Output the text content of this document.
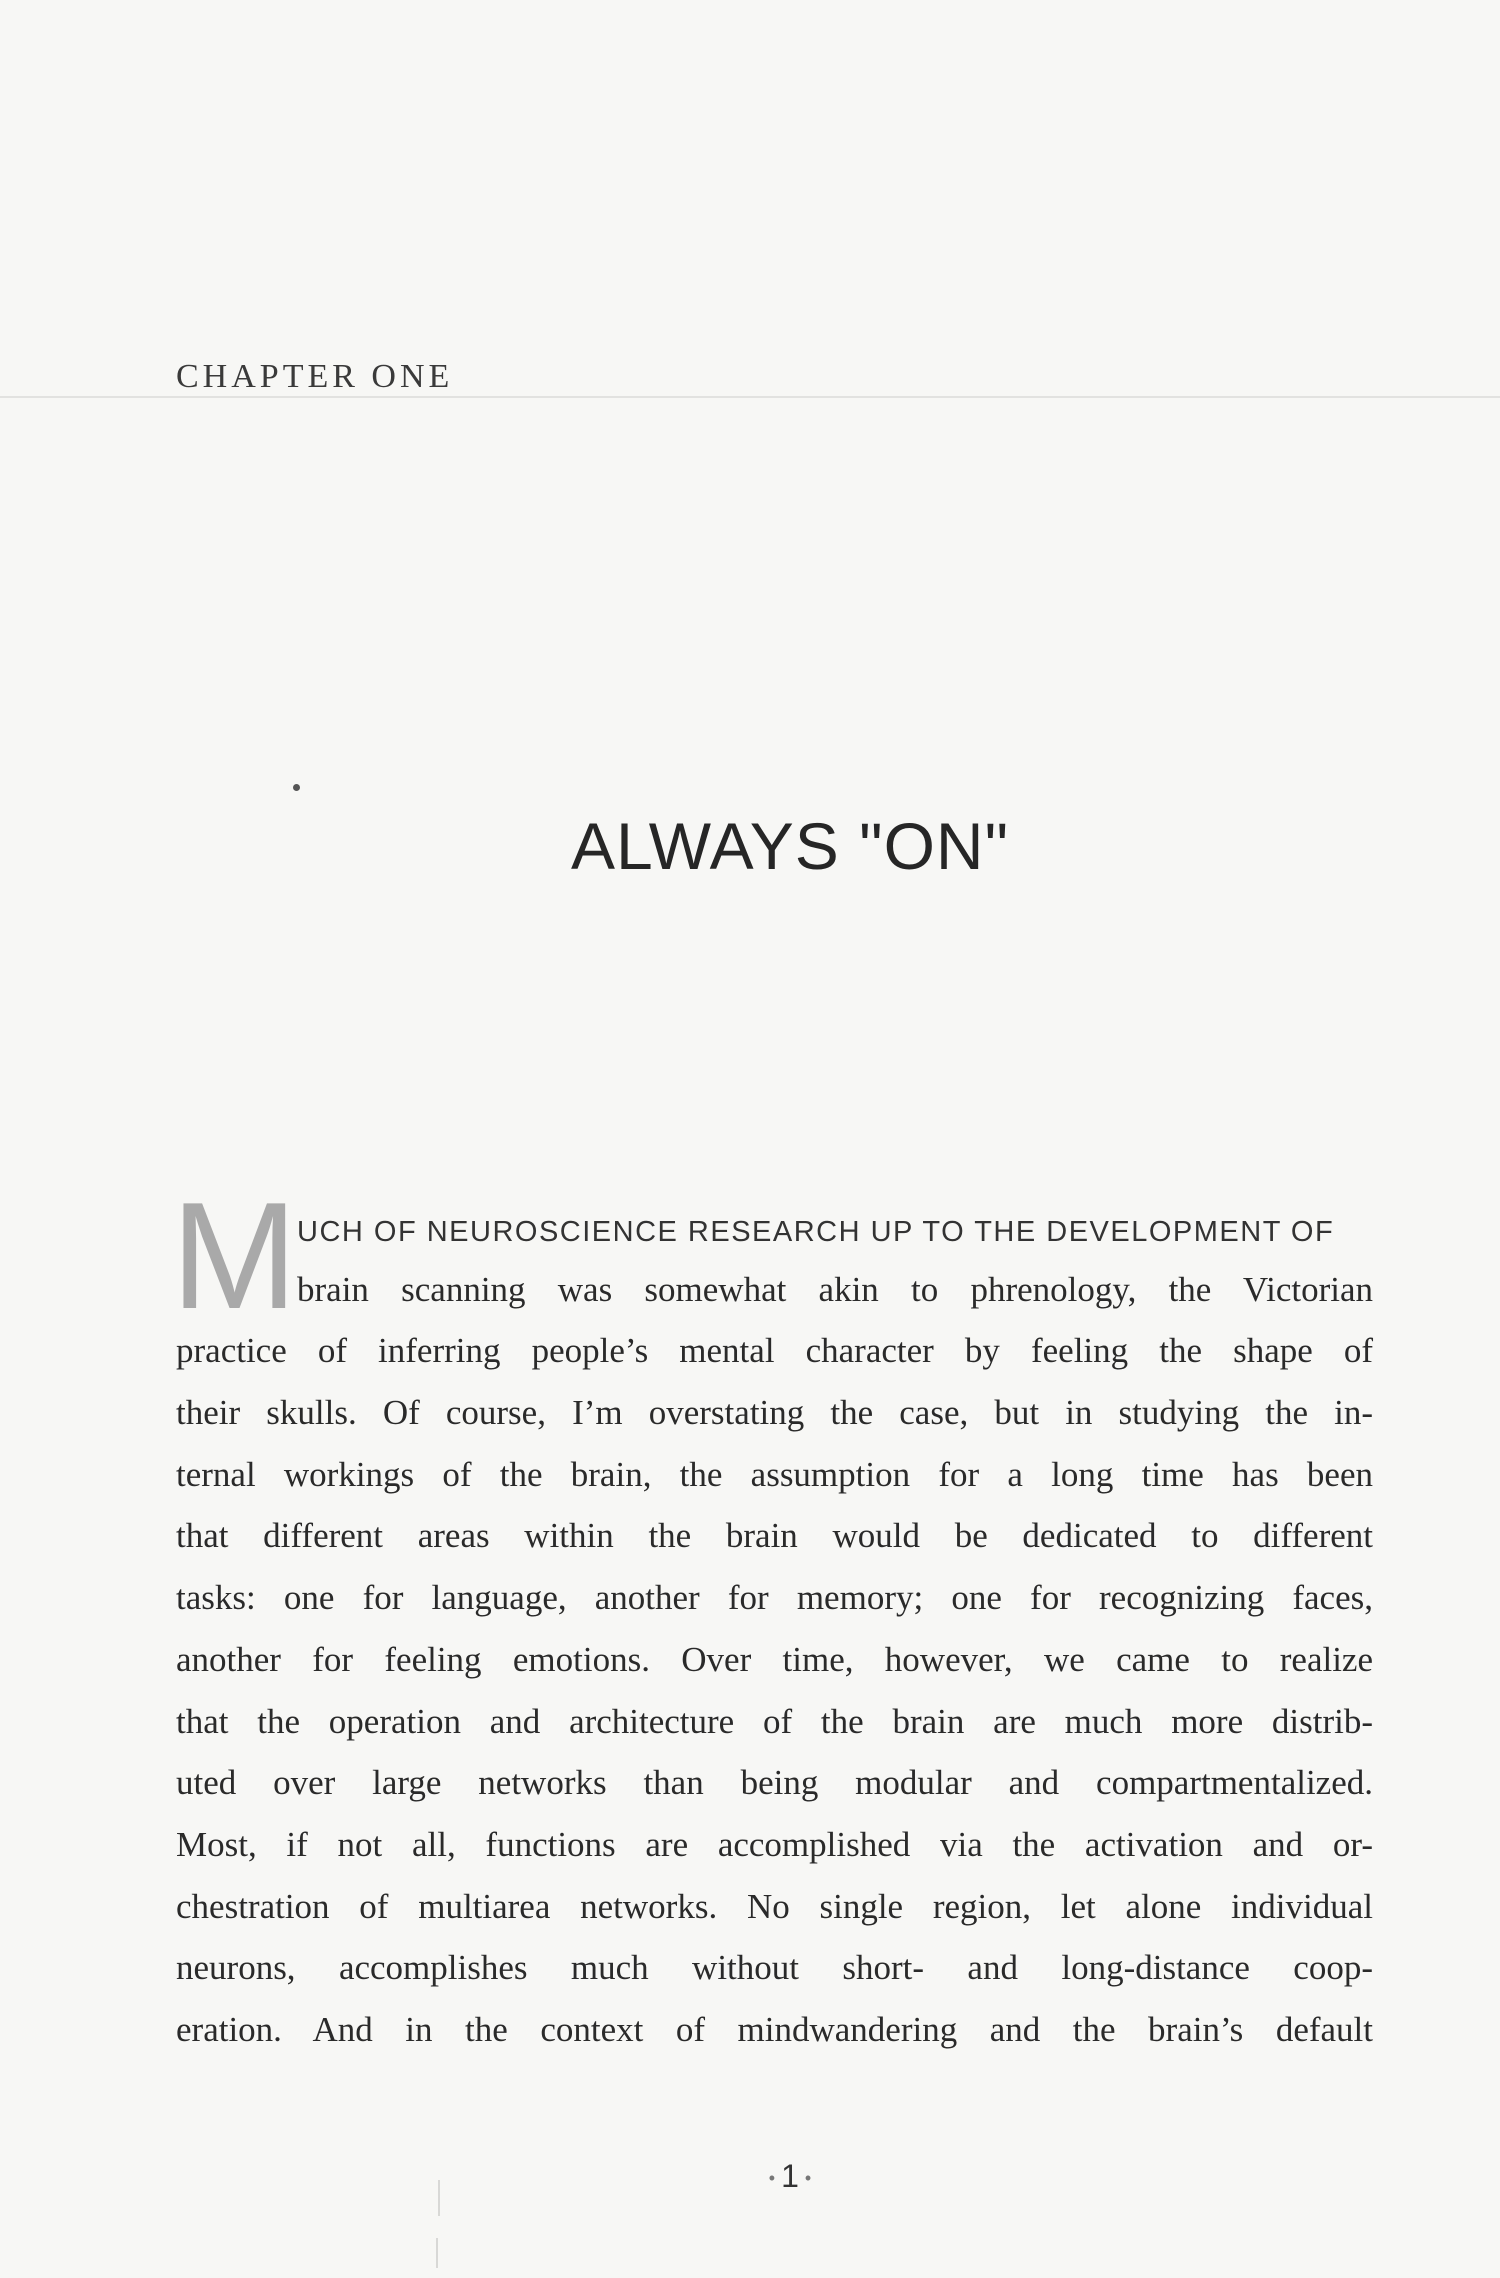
CHAPTER ONE
ALWAYS "ON"
M UCH OF NEUROSCIENCE RESEARCH UP TO THE DEVELOPMENT OF
brain scanning was somewhat akin to phrenology, the Victorian
practice of inferring people’s mental character by feeling the shape of
their skulls. Of course, I’m overstating the case, but in studying the in-
ternal workings of the brain, the assumption for a long time has been
that different areas within the brain would be dedicated to different
tasks: one for language, another for memory; one for recognizing faces,
another for feeling emotions. Over time, however, we came to realize
that the operation and architecture of the brain are much more distrib-
uted over large networks than being modular and compartmentalized.
Most, if not all, functions are accomplished via the activation and or-
chestration of multiarea networks. No single region, let alone individual
neurons, accomplishes much without short- and long-distance coop-
eration. And in the context of mindwandering and the brain’s default
• 1 •
